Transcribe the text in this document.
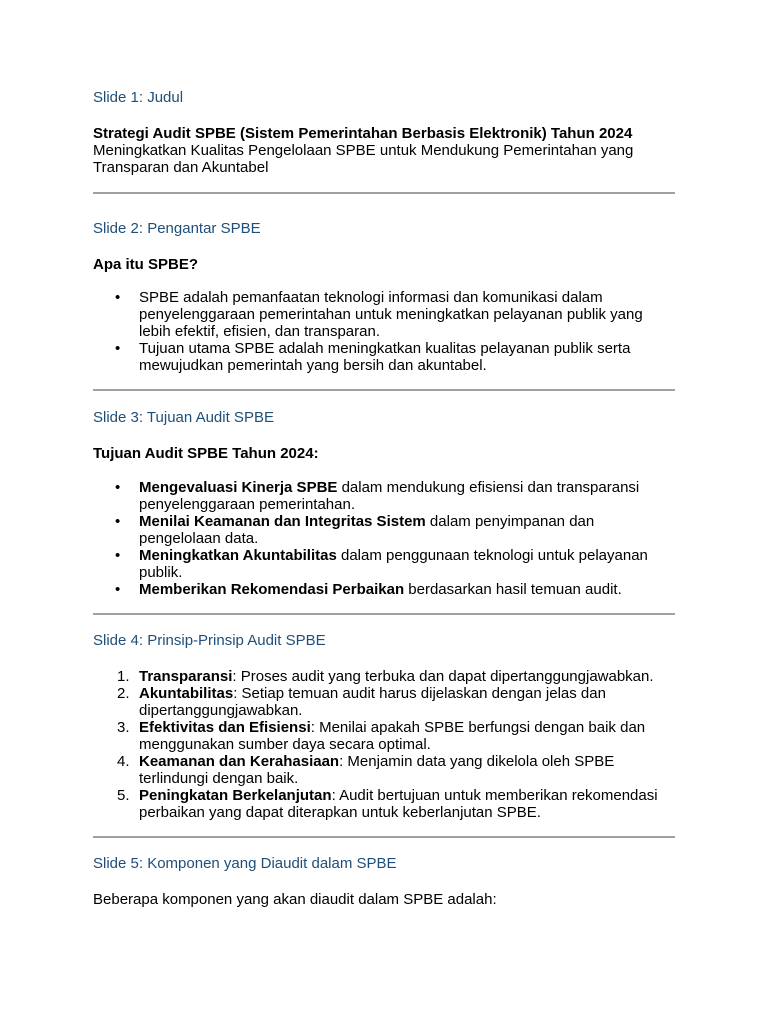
Slide 1: Judul
Strategi Audit SPBE (Sistem Pemerintahan Berbasis Elektronik) Tahun 2024
Meningkatkan Kualitas Pengelolaan SPBE untuk Mendukung Pemerintahan yang Transparan dan Akuntabel
Slide 2: Pengantar SPBE
Apa itu SPBE?
• SPBE adalah pemanfaatan teknologi informasi dan komunikasi dalam penyelenggaraan pemerintahan untuk meningkatkan pelayanan publik yang lebih efektif, efisien, dan transparan.
• Tujuan utama SPBE adalah meningkatkan kualitas pelayanan publik serta mewujudkan pemerintah yang bersih dan akuntabel.
Slide 3: Tujuan Audit SPBE
Tujuan Audit SPBE Tahun 2024:
• Mengevaluasi Kinerja SPBE dalam mendukung efisiensi dan transparansi penyelenggaraan pemerintahan.
• Menilai Keamanan dan Integritas Sistem dalam penyimpanan dan pengelolaan data.
• Meningkatkan Akuntabilitas dalam penggunaan teknologi untuk pelayanan publik.
• Memberikan Rekomendasi Perbaikan berdasarkan hasil temuan audit.
Slide 4: Prinsip-Prinsip Audit SPBE
1. Transparansi: Proses audit yang terbuka dan dapat dipertanggungjawabkan.
2. Akuntabilitas: Setiap temuan audit harus dijelaskan dengan jelas dan dipertanggungjawabkan.
3. Efektivitas dan Efisiensi: Menilai apakah SPBE berfungsi dengan baik dan menggunakan sumber daya secara optimal.
4. Keamanan dan Kerahasiaan: Menjamin data yang dikelola oleh SPBE terlindungi dengan baik.
5. Peningkatan Berkelanjutan: Audit bertujuan untuk memberikan rekomendasi perbaikan yang dapat diterapkan untuk keberlanjutan SPBE.
Slide 5: Komponen yang Diaudit dalam SPBE
Beberapa komponen yang akan diaudit dalam SPBE adalah:
